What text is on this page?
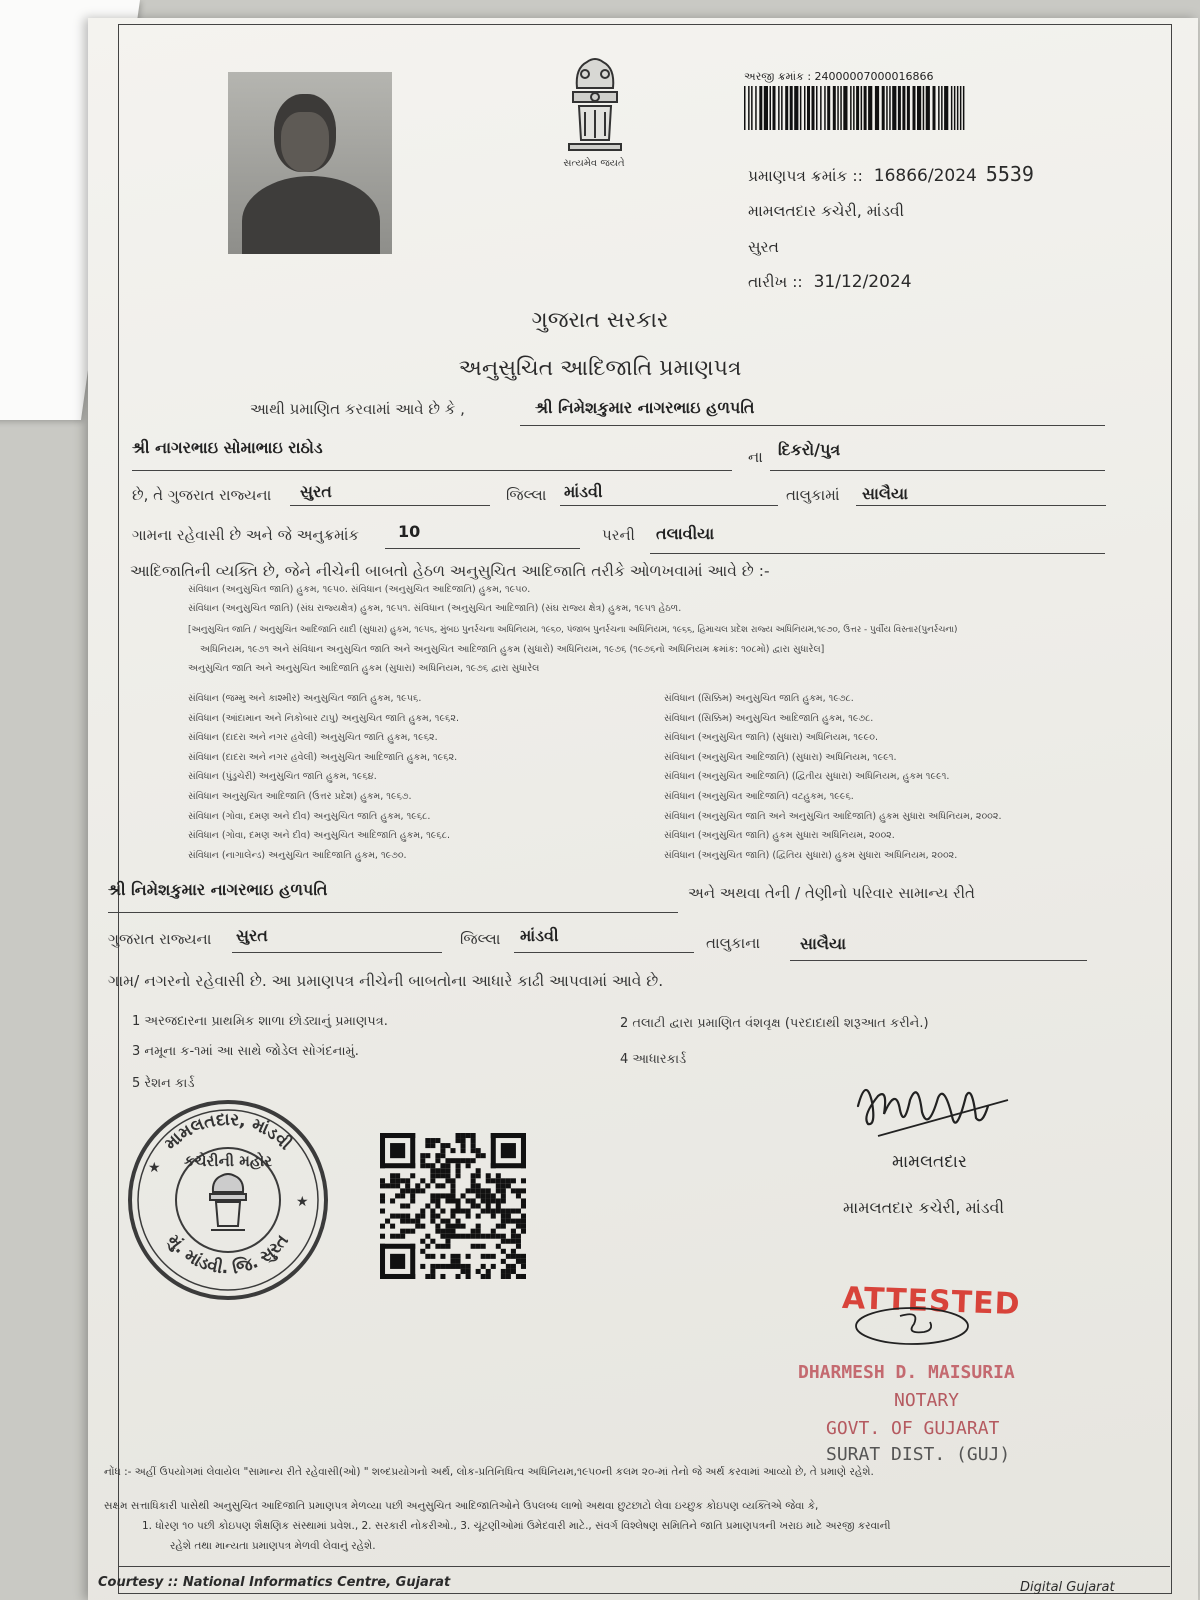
સત્યમેવ જયતે
અરજી ક્રમાંક : 24000007000016866
પ્રમાણપત્ર ક્રમાંક :: 16866/2024 5539
મામલતદાર કચેરી, માંડવી
સુરત
તારીખ :: 31/12/2024
ગુજરાત સરકાર
અનુસુચિત આદિજાતિ પ્રમાણપત્ર
આથી પ્રમાણિત કરવામાં આવે છે કે ,	શ્રી નિમેશકુમાર નાગરભાઇ હળપતિ
શ્રી નાગરભાઇ સોમાભાઇ રાઠોડ	ના દિકરો/પુત્ર
છે, તે ગુજરાત રાજ્યના સુરત	જિલ્લા માંડવી	તાલુકામાં સાલૈયા
ગામના રહેવાસી છે અને જે અનુક્રમાંક 10	પરની તલાવીયા
આદિજાતિની વ્યક્તિ છે, જેને નીચેની બાબતો હેઠળ અનુસુચિત આદિજાતિ તરીકે ઓળખવામાં આવે છે :-
સંવિધાન (અનુસુચિત જાતિ) હુકમ, ૧૯૫૦. સંવિધાન (અનુસુચિત આદિજાતિ) હુકમ, ૧૯૫૦.
સંવિધાન (અનુસુચિત જાતિ) (સંઘ રાજ્યક્ષેત્ર) હુકમ, ૧૯૫૧. સંવિધાન (અનુસુચિત આદિજાતિ) (સંઘ રાજ્ય ક્ષેત્ર) હુકમ, ૧૯૫૧ હેઠળ.
[અનુસુચિત જાતિ / અનુસુચિત આદિજાતિ યાદી (સુધારા) હુકમ, ૧૯૫૬, મુંબઇ પુનર્રચના અધિનિયમ, ૧૯૬૦, પંજાબ પુનર્રચના અધિનિયમ, ૧૯૬૬, હિમાચલ પ્રદેશ રાજ્ય અધિનિયમ,૧૯૭૦, ઉત્તર - પુર્વીય વિસ્તાર(પુનર્રચના)
અધિનિયમ, ૧૯૭૧ અને સંવિધાન અનુસુચિત જાતિ અને અનુસુચિત આદિજાતિ હુકમ (સુધારો) અધિનિયમ, ૧૯૭૬ (૧૯૭૬નો અધિનિયમ ક્રમાંક: ૧૦૮મો) દ્વારા સુધારેલ]
અનુસુચિત જાતિ અને અનુસુચિત આદિજાતિ હુકમ (સુધારા) અધિનિયમ, ૧૯૭૬ દ્વારા સુધારેલ
સંવિધાન (જમ્મુ અને કાશ્મીર) અનુસુચિત જાતિ હુકમ, ૧૯૫૬.
સંવિધાન (આંદામાન અને નિકોબાર ટાપુ) અનુસુચિત જાતિ હુકમ, ૧૯૬૨.
સંવિધાન (દાદરા અને નગર હવેલી) અનુસુચિત જાતિ હુકમ, ૧૯૬૨.
સંવિધાન (દાદરા અને નગર હવેલી) અનુસુચિત આદિજાતિ હુકમ, ૧૯૬૨.
સંવિધાન (પુંડુચેરી) અનુસુચિત જાતિ હુકમ, ૧૯૬૪.
સંવિધાન અનુસુચિત આદિજાતિ (ઉત્તર પ્રદેશ) હુકમ, ૧૯૬૭.
સંવિધાન (ગોવા, દમણ અને દીવ) અનુસુચિત જાતિ હુકમ, ૧૯૬૮.
સંવિધાન (ગોવા, દમણ અને દીવ) અનુસુચિત આદિજાતિ હુકમ, ૧૯૬૮.
સંવિધાન (નાગાલેન્ડ) અનુસુચિત આદિજાતિ હુકમ, ૧૯૭૦.
સંવિધાન (સિક્કિમ) અનુસુચિત જાતિ હુકમ, ૧૯૭૮.
સંવિધાન (સિક્કિમ) અનુસુચિત આદિજાતિ હુકમ, ૧૯૭૮.
સંવિધાન (અનુસુચિત જાતિ) (સુધારા) અધિનિયમ, ૧૯૯૦.
સંવિધાન (અનુસુચિત આદિજાતિ) (સુધારા) અધિનિયમ, ૧૯૯૧.
સંવિધાન (અનુસુચિત આદિજાતિ) (દ્વિતીય સુધારા) અધિનિયમ, હુકમ ૧૯૯૧.
સંવિધાન (અનુસુચિત આદિજાતિ) વટહુકમ, ૧૯૯૬.
સંવિધાન (અનુસુચિત જાતિ અને અનુસુચિત આદિજાતિ) હુકમ સુધારા અધિનિયમ, ૨૦૦૨.
સંવિધાન (અનુસુચિત જાતિ) હુકમ સુધારા અધિનિયમ, ૨૦૦૨.
સંવિધાન (અનુસુચિત જાતિ) (દ્વિતિય સુધારા) હુકમ સુધારા અધિનિયમ, ૨૦૦૨.
શ્રી નિમેશકુમાર નાગરભાઇ હળપતિ	અને અથવા તેની / તેણીનો પરિવાર સામાન્ય રીતે
ગુજરાત રાજ્યના સુરત	જિલ્લા માંડવી	તાલુકાના સાલૈયા
ગામ/ નગરનો રહેવાસી છે. આ પ્રમાણપત્ર નીચેની બાબતોના આધારે કાઢી આપવામાં આવે છે.
1 અરજદારના પ્રાથમિક શાળા છોડ્યાનું પ્રમાણપત્ર.	2 તલાટી દ્વારા પ્રમાણિત વંશવૃક્ષ (પરદાદાથી શરૂઆત કરીને.)
3 નમૂના ક-૧માં આ સાથે જોડેલ સોગંદનામું.
4 આધારકાર્ડ
5 રેશન કાર્ડ
મામલતદાર, માંડવી
મું. માંડવી. જિ. સુરત
કચેરીની મહોર
★
★
મામલતદાર
મામલતદાર કચેરી, માંડવી
ATTESTED
DHARMESH D. MAISURIA
NOTARY
GOVT. OF GUJARAT
SURAT DIST. (GUJ)
નોંધ :- અહીં ઉપયોગમાં લેવાયેલ "સામાન્ય રીતે રહેવાસી(ઓ) " શબ્દપ્રયોગનો અર્થ, લોક-પ્રતિનિધિત્વ અધિનિયમ,૧૯૫૦ની કલમ ૨૦-માં તેનો જે અર્થ કરવામાં આવ્યો છે, તે પ્રમાણે રહેશે.
સક્ષમ સત્તાધિકારી પાસેથી અનુસુચિત આદિજાતિ પ્રમાણપત્ર મેળવ્યા પછી અનુસુચિત આદિજાતિઓને ઉપલબ્ધ લાભો અથવા છુટછાટો લેવા ઇચ્છુક કોઇપણ વ્યક્તિએ જેવા કે,
1. ધોરણ ૧૦ પછી કોઇપણ શૈક્ષણિક સંસ્થામાં પ્રવેશ., 2. સરકારી નોકરીઓ., 3. ચૂંટણીઓમાં ઉમેદવારી માટે., સંવર્ગ વિશ્લેષણ સમિતિને જાતિ પ્રમાણપત્રની ખરાઇ માટે અરજી કરવાની
રહેશે તથા માન્યતા પ્રમાણપત્ર મેળવી લેવાનું રહેશે.
Courtesy :: National Informatics Centre, Gujarat	Digital Gujarat
